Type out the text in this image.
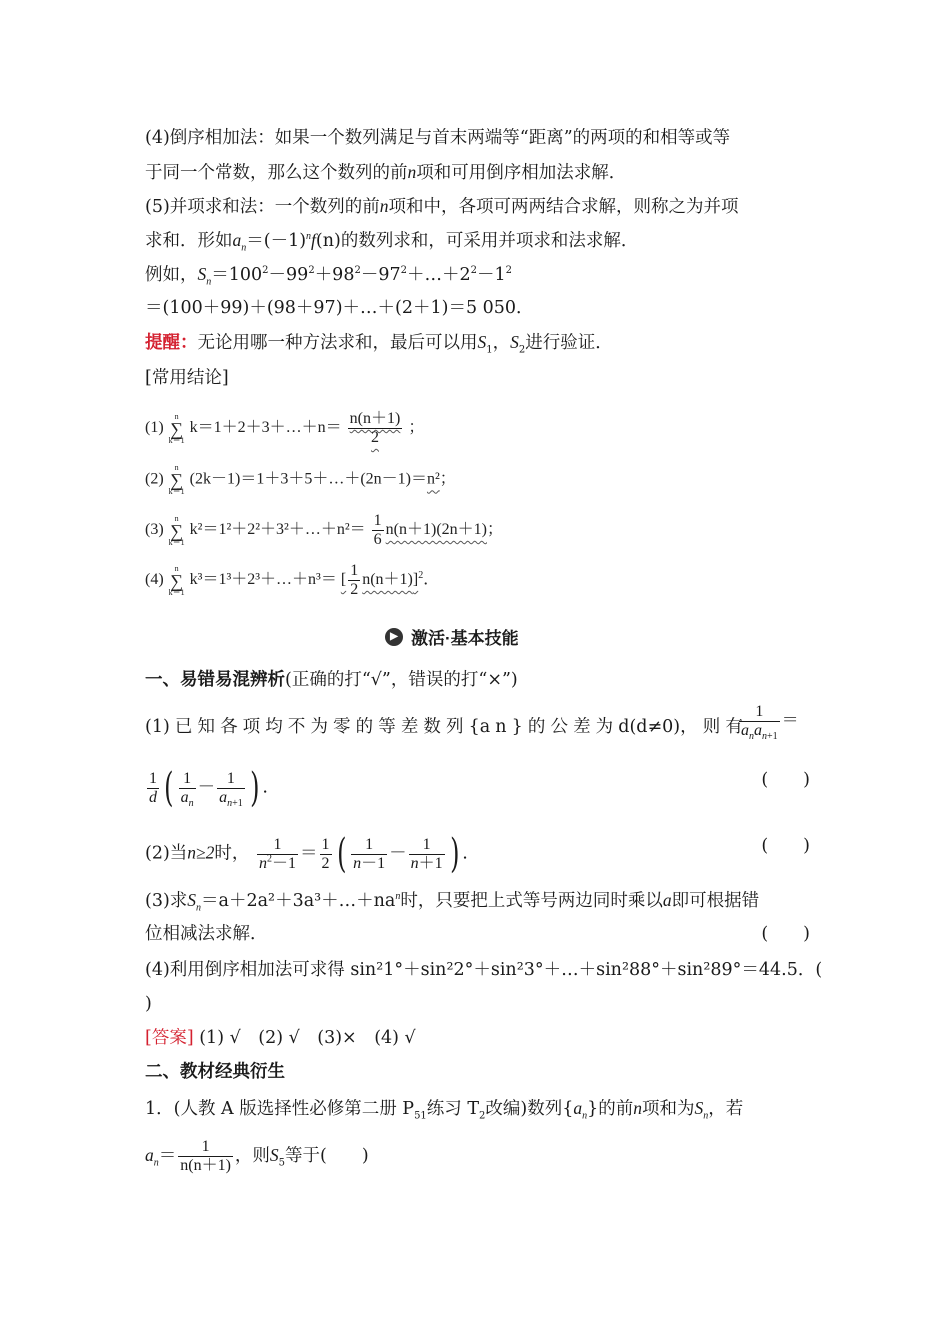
(4)倒序相加法：如果一个数列满足与首末两端等“距离”的两项的和相等或等
于同一个常数，那么这个数列的前n项和可用倒序相加法求解．
(5)并项求和法：一个数列的前n项和中，各项可两两结合求解，则称之为并项
求和．形如$a_n=(-1)^nf(n)$的数列求和，可采用并项求和法求解．
例如，$S_n=100^2-99^2+98^2-97^2+\dots+2^2-1^2$
＝(100＋99)＋(98＋97)＋…＋(2＋1)＝5 050．
提醒：无论用哪一种方法求和，最后可以用$S_1$，$S_2$进行验证．
[常用结论]
(1)
n
∑
k＝1
k＝1＋2＋3＋…＋n＝ $\frac{n(n+1)}{2}$ ；
(2)
n
∑
k＝1
(2k－1)＝1＋3＋5＋…＋(2n－1)＝n²；
(3)
n
∑
k＝1
k²＝1²＋2²＋3²＋…＋n²＝ $\frac{1}{6} n(n+1)(2n+1)$；
(4)
n
∑
k＝1
k³＝1³＋2³＋…＋n³＝ [ $\frac{1}{2} n(n+1)]^2$．
▶ 激活·基本技能
一、易错易混辨析(正确的打“√”，错误的打“×”)
(1) 已 知 各 项 均 不 为 零 的 等 差 数 列 {a n } 的 公 差 为 d(d≠0)， 则 有
$\frac{1}{a_na_{n+1}}$ ＝
$\frac{1}{d}$ ( $\frac{1}{a_n} - \frac{1}{a_{n+1}}$ ) .	(　　)
(2)当n≥2时， $\frac{1}{n^2-1} = \frac{1}{2}$ ( $\frac{1}{n-1} - \frac{1}{n+1}$ ) .	(　　)
(3)求$S_n=a+2a^2+3a^3+\dots+na^n$时，只要把上式等号两边同时乘以a即可根据错
位相减法求解．	(　　)
(4)利用倒序相加法可求得 sin²1°＋sin²2°＋sin²3°＋…＋sin²88°＋sin²89°＝44.5．(
)
[答案] (1) √　(2) √　(3)×　(4) √
二、教材经典衍生
1．(人教 A 版选择性必修第二册 $P_{51}$练习 $T_2$改编)数列$\{a_n\}$的前n项和为$S_n$，若
$a_n= \frac{1}{n(n+1)}$ ，则$S_5$等于(　　)
